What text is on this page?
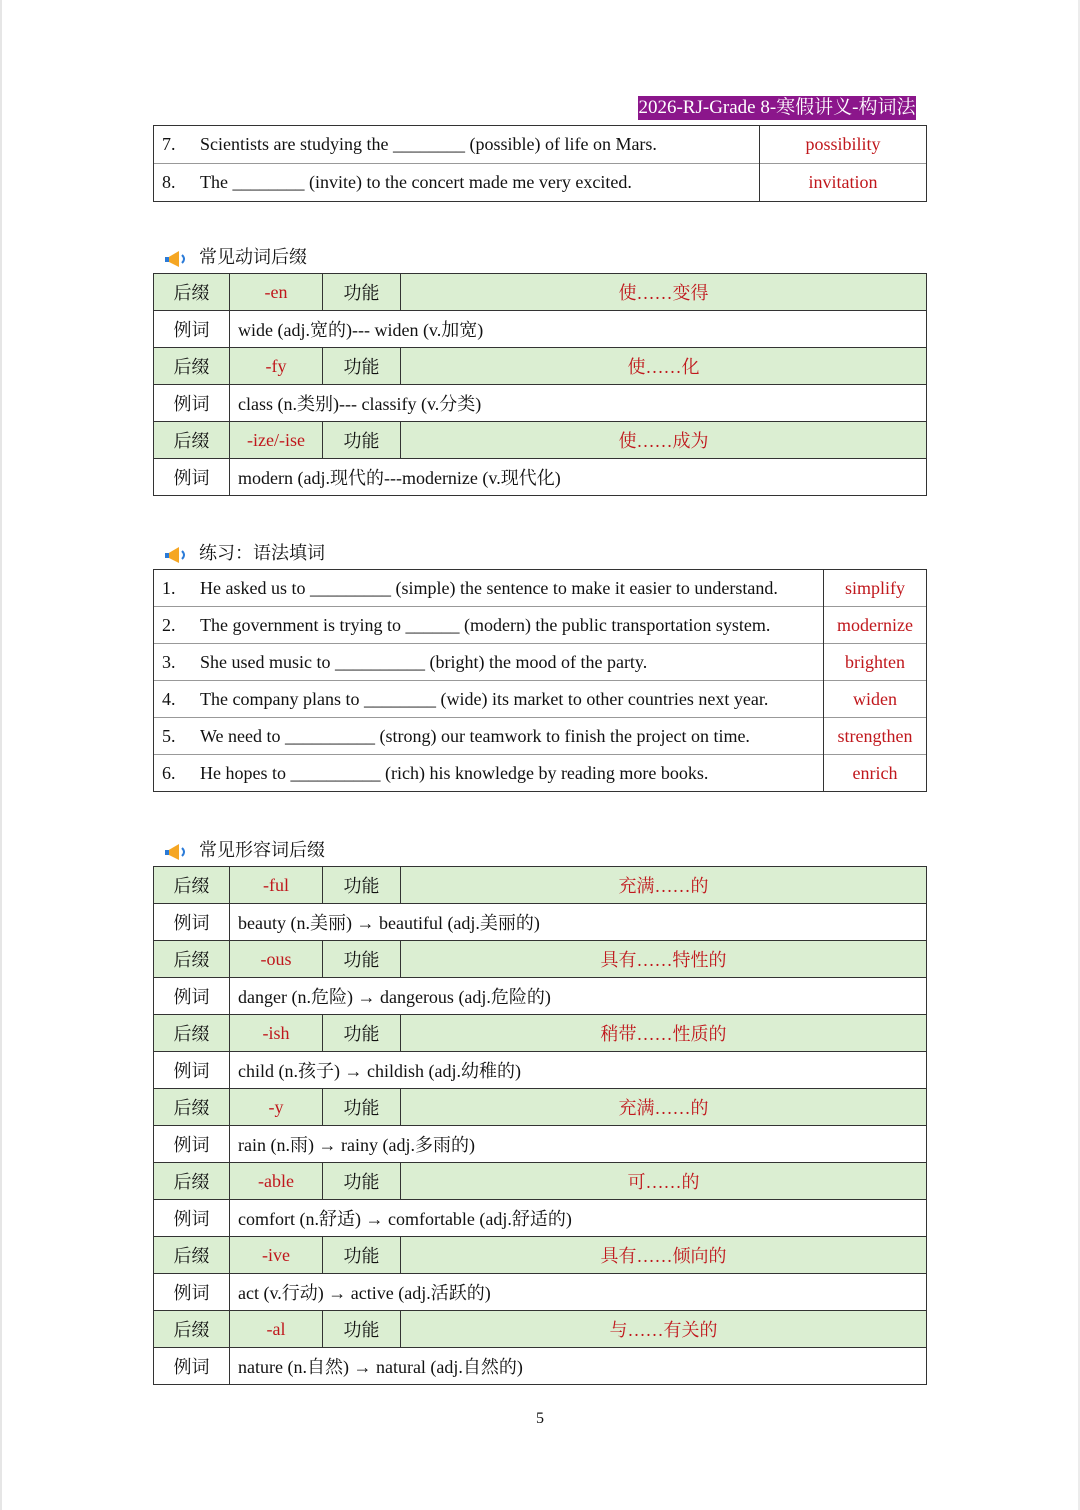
2026-RJ-Grade 8-寒假讲义-构词法
7. Scientists are studying the ________ (possible) of life on Mars.	possibility
8. The ________ (invite) to the concert made me very excited.	invitation
常见动词后缀
后缀	-en	功能	使……变得
例词	wide (adj.宽的)--- widen (v.加宽)		
后缀	-fy	功能	使……化
例词	class (n.类别)--- classify (v.分类)		
后缀	-ize/-ise	功能	使……成为
例词	modern (adj.现代的---modernize (v.现代化)		
练习：语法填词
1. He asked us to _________ (simple) the sentence to make it easier to understand.	simplify
2. The government is trying to ______ (modern) the public transportation system.	modernize
3. She used music to __________ (bright) the mood of the party.	brighten
4. The company plans to ________ (wide) its market to other countries next year.	widen
5. We need to __________ (strong) our teamwork to finish the project on time.	strengthen
6. He hopes to __________ (rich) his knowledge by reading more books.	enrich
常见形容词后缀
后缀	-ful	功能	充满……的
例词	beauty (n.美丽) → beautiful (adj.美丽的)		
后缀	-ous	功能	具有……特性的
例词	danger (n.危险) → dangerous (adj.危险的)		
后缀	-ish	功能	稍带……性质的
例词	child (n.孩子) → childish (adj.幼稚的)		
后缀	-y	功能	充满……的
例词	rain (n.雨) → rainy (adj.多雨的)		
后缀	-able	功能	可……的
例词	comfort (n.舒适) → comfortable (adj.舒适的)		
后缀	-ive	功能	具有……倾向的
例词	act (v.行动) → active (adj.活跃的)		
后缀	-al	功能	与……有关的
例词	nature (n.自然) → natural (adj.自然的)		
5
